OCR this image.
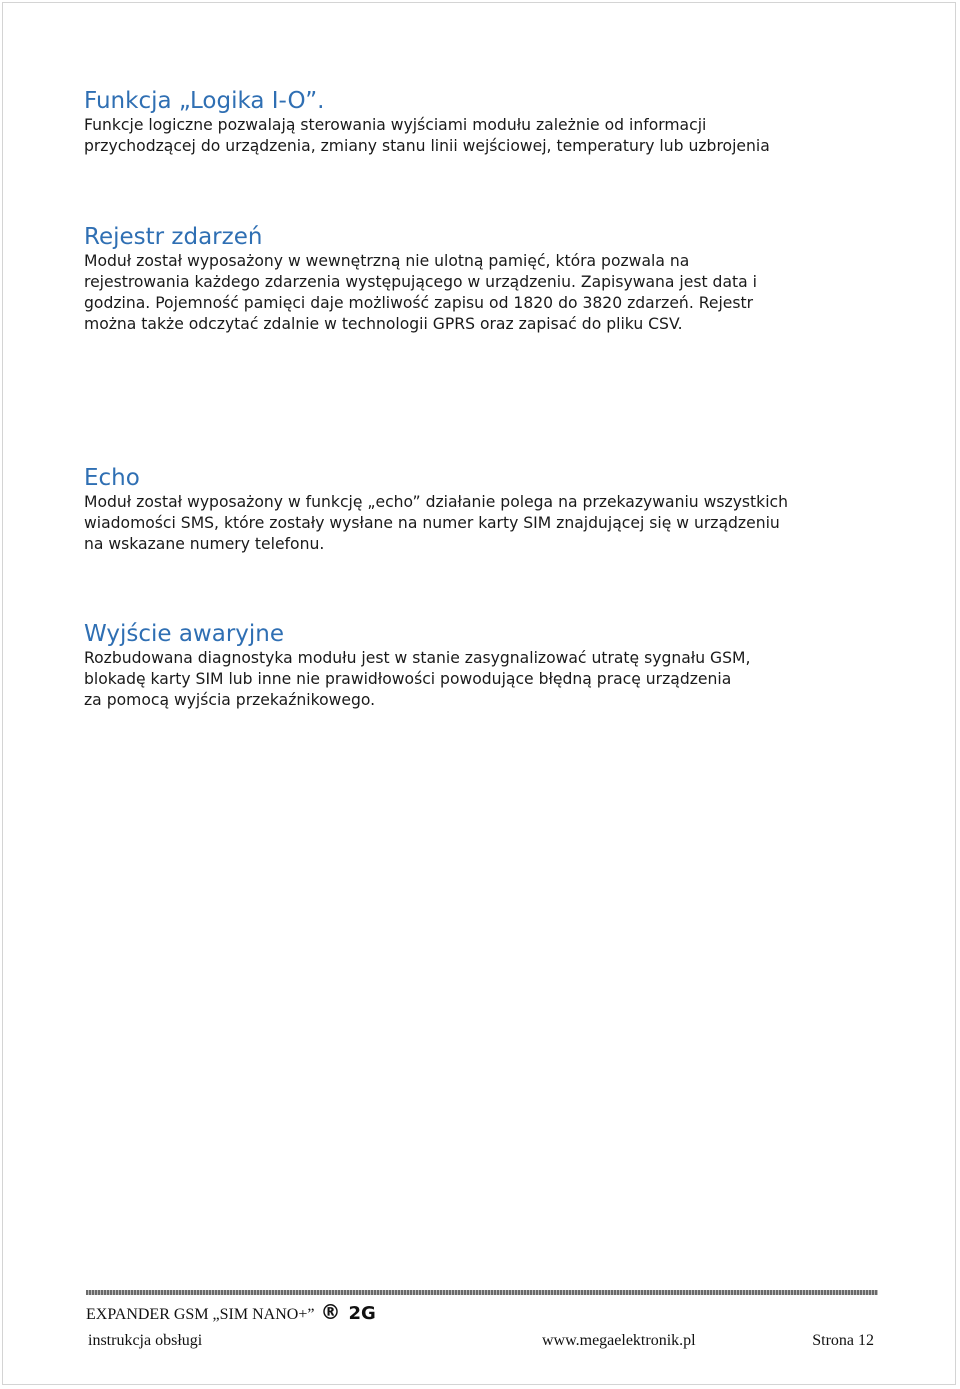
Funkcja „Logika I-O”.

Funkcje logiczne pozwalają sterowania wyjściami modułu zależnie od informacji
przychodzącej do urządzenia, zmiany stanu linii wejściowej, temperatury lub uzbrojenia

Rejestr zdarzeń

Moduł został wyposażony w wewnętrzną nie ulotną pamięć, która pozwala na
rejestrowania każdego zdarzenia występującego w urządzeniu. Zapisywana jest data i
godzina. Pojemność pamięci daje możliwość zapisu od 1820 do 3820 zdarzeń. Rejestr
można także odczytać zdalnie w technologii GPRS oraz zapisać do pliku CSV.

Echo

Moduł został wyposażony w funkcję „echo” działanie polega na przekazywaniu wszystkich
wiadomości SMS, które zostały wysłane na numer karty SIM znajdującej się w urządzeniu
na wskazane numery telefonu.

Wyjście awaryjne

Rozbudowana diagnostyka modułu jest w stanie zasygnalizować utratę sygnału GSM,
blokadę karty SIM lub inne nie prawidłowości powodujące błędną pracę urządzenia
za pomocą wyjścia przekaźnikowego.

EXPANDER GSM „SIM NANO+” ® 2G
instrukcja obsługi	www.megaelektronik.pl	Strona 12
